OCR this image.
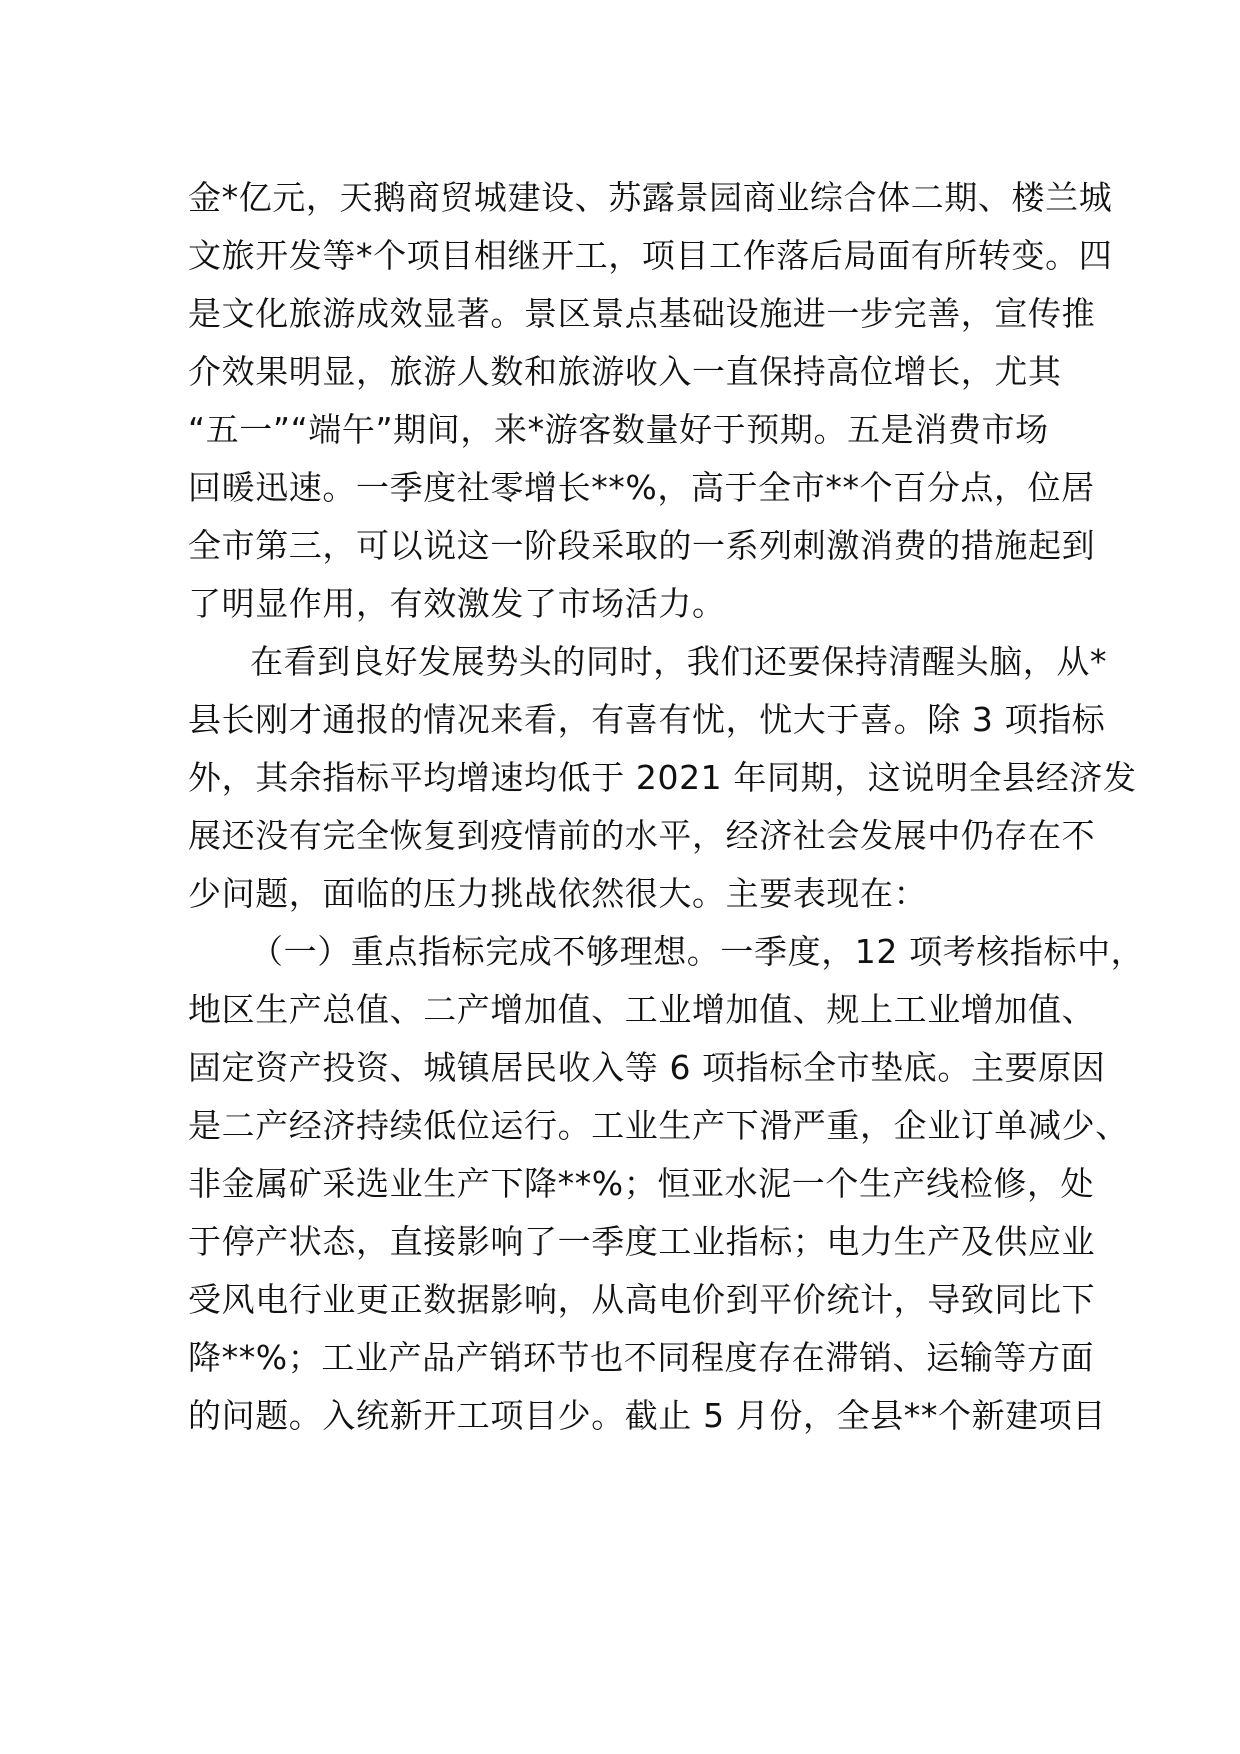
金*亿元，天鹅商贸城建设、苏露景园商业综合体二期、楼兰城
文旅开发等*个项目相继开工，项目工作落后局面有所转变。四
是文化旅游成效显著。景区景点基础设施进一步完善，宣传推
介效果明显，旅游人数和旅游收入一直保持高位增长，尤其
“五一”“端午”期间，来*游客数量好于预期。五是消费市场
回暖迅速。一季度社零增长**%，高于全市**个百分点，位居
全市第三，可以说这一阶段采取的一系列刺激消费的措施起到
了明显作用，有效激发了市场活力。
在看到良好发展势头的同时，我们还要保持清醒头脑，从*
县长刚才通报的情况来看，有喜有忧，忧大于喜。除 3 项指标
外，其余指标平均增速均低于 2021 年同期，这说明全县经济发
展还没有完全恢复到疫情前的水平，经济社会发展中仍存在不
少问题，面临的压力挑战依然很大。主要表现在：
（一）重点指标完成不够理想。一季度，12 项考核指标中，
地区生产总值、二产增加值、工业增加值、规上工业增加值、
固定资产投资、城镇居民收入等 6 项指标全市垫底。主要原因
是二产经济持续低位运行。工业生产下滑严重，企业订单减少、
非金属矿采选业生产下降**%；恒亚水泥一个生产线检修，处
于停产状态，直接影响了一季度工业指标；电力生产及供应业
受风电行业更正数据影响，从高电价到平价统计，导致同比下
降**%；工业产品产销环节也不同程度存在滞销、运输等方面
的问题。入统新开工项目少。截止 5 月份，全县**个新建项目
